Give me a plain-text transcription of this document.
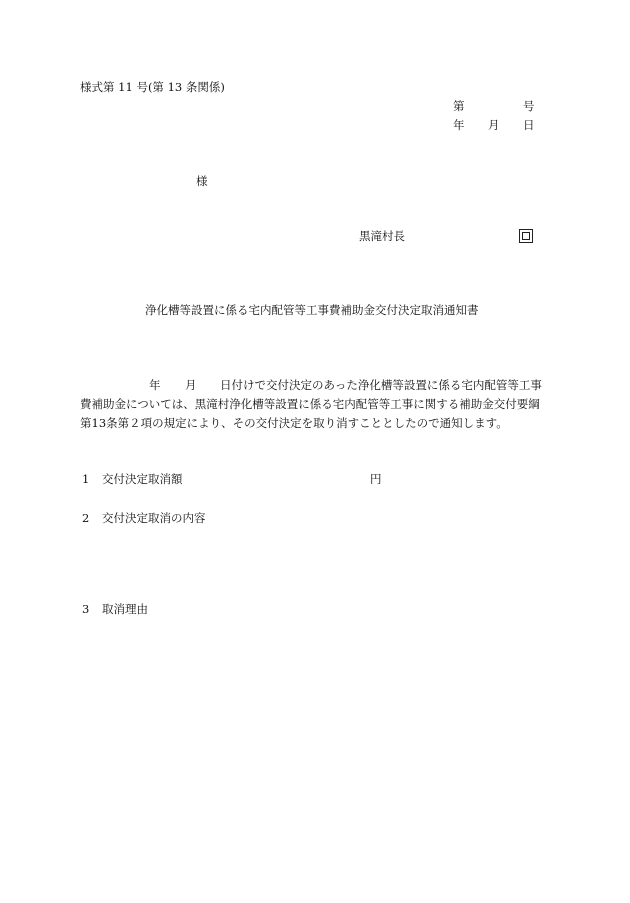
様式第 11 号(第 13 条関係)
第	号
年 月 日
様
黒滝村長
浄化槽等設置に係る宅内配管等工事費補助金交付決定取消通知書
年 月 日付けで交付決定のあった浄化槽等設置に係る宅内配管等工事
費補助金については、黒滝村浄化槽等設置に係る宅内配管等工事に関する補助金交付要綱
第13条第２項の規定により、その交付決定を取り消すこととしたので通知します。
1 交付決定取消額	円
2 交付決定取消の内容
3 取消理由
